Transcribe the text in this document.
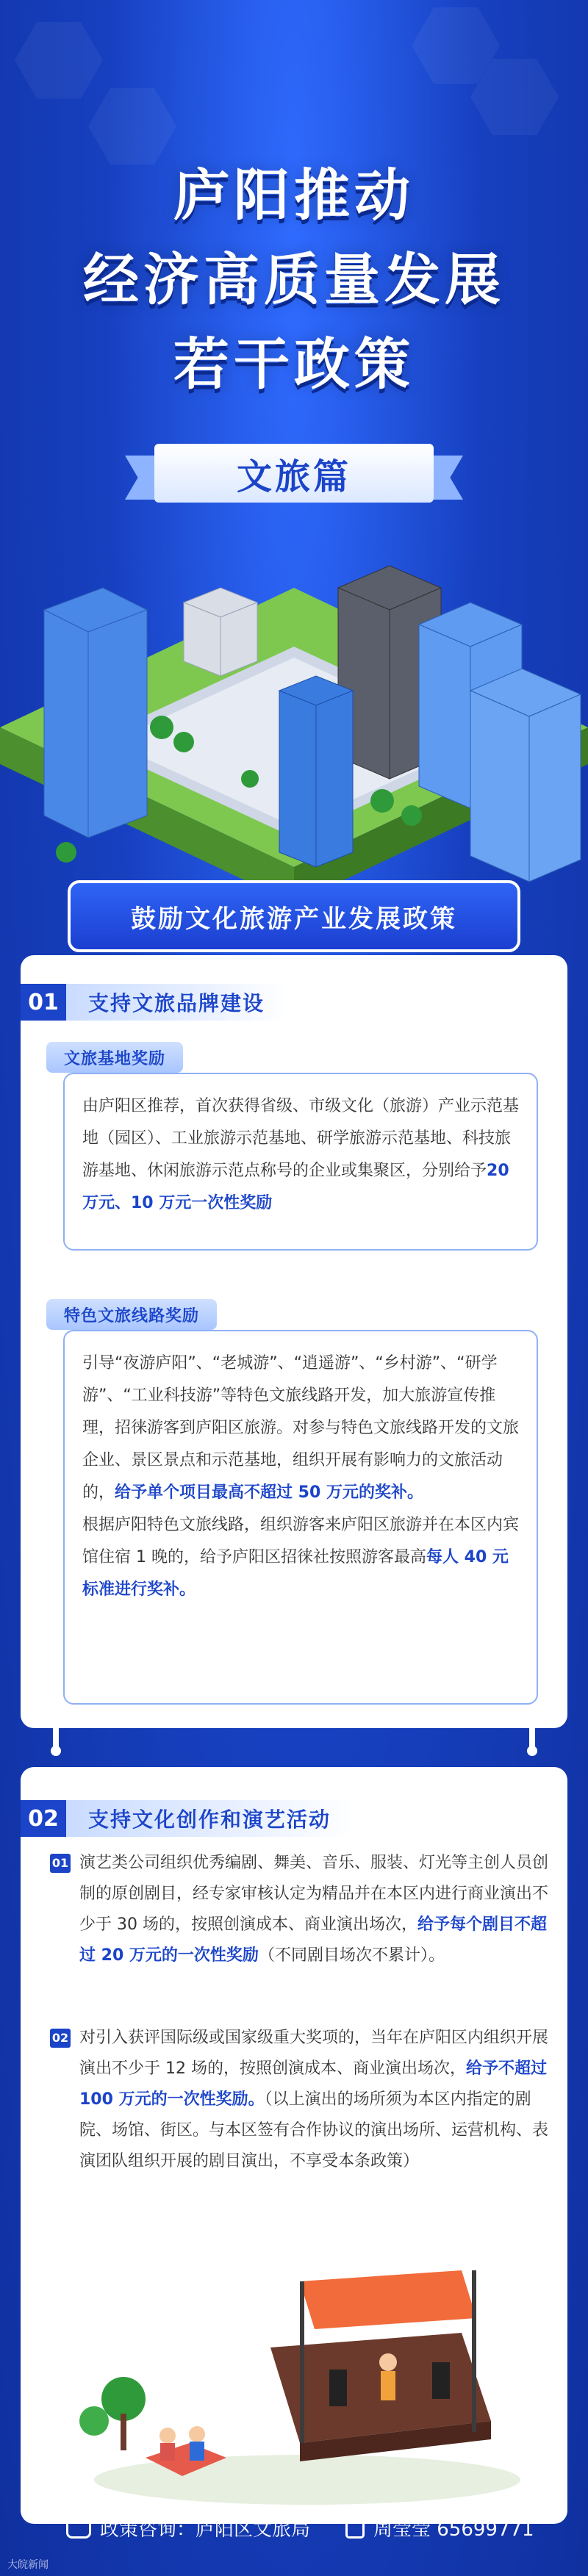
庐阳推动
经济高质量发展
若干政策
文旅篇
鼓励文化旅游产业发展政策
01	支持文旅品牌建设
文旅基地奖励
由庐阳区推荐，首次获得省级、市级文化（旅游）产业示范基地（园区）、工业旅游示范基地、研学旅游示范基地、科技旅游基地、休闲旅游示范点称号的企业或集聚区，分别给予20 万元、10 万元一次性奖励
特色文旅线路奖励
引导“夜游庐阳”、“老城游”、“逍遥游”、“乡村游”、“研学游”、“工业科技游”等特色文旅线路开发，加大旅游宣传推理，招徕游客到庐阳区旅游。对参与特色文旅线路开发的文旅企业、景区景点和示范基地，组织开展有影响力的文旅活动的，给予单个项目最高不超过 50 万元的奖补。
根据庐阳特色文旅线路，组织游客来庐阳区旅游并在本区内宾馆住宿 1 晚的，给予庐阳区招徕社按照游客最高每人 40 元标准进行奖补。
02	支持文化创作和演艺活动
01 演艺类公司组织优秀编剧、舞美、音乐、服装、灯光等主创人员创制的原创剧目，经专家审核认定为精品并在本区内进行商业演出不少于 30 场的，按照创演成本、商业演出场次，给予每个剧目不超过 20 万元的一次性奖励（不同剧目场次不累计）。
02 对引入获评国际级或国家级重大奖项的，当年在庐阳区内组织开展演出不少于 12 场的，按照创演成本、商业演出场次，给予不超过 100 万元的一次性奖励。（以上演出的场所须为本区内指定的剧院、场馆、街区。与本区签有合作协议的演出场所、运营机构、表演团队组织开展的剧目演出，不享受本条政策）
政策咨询：庐阳区文旅局	周莹莹 65699771
大皖新闻
